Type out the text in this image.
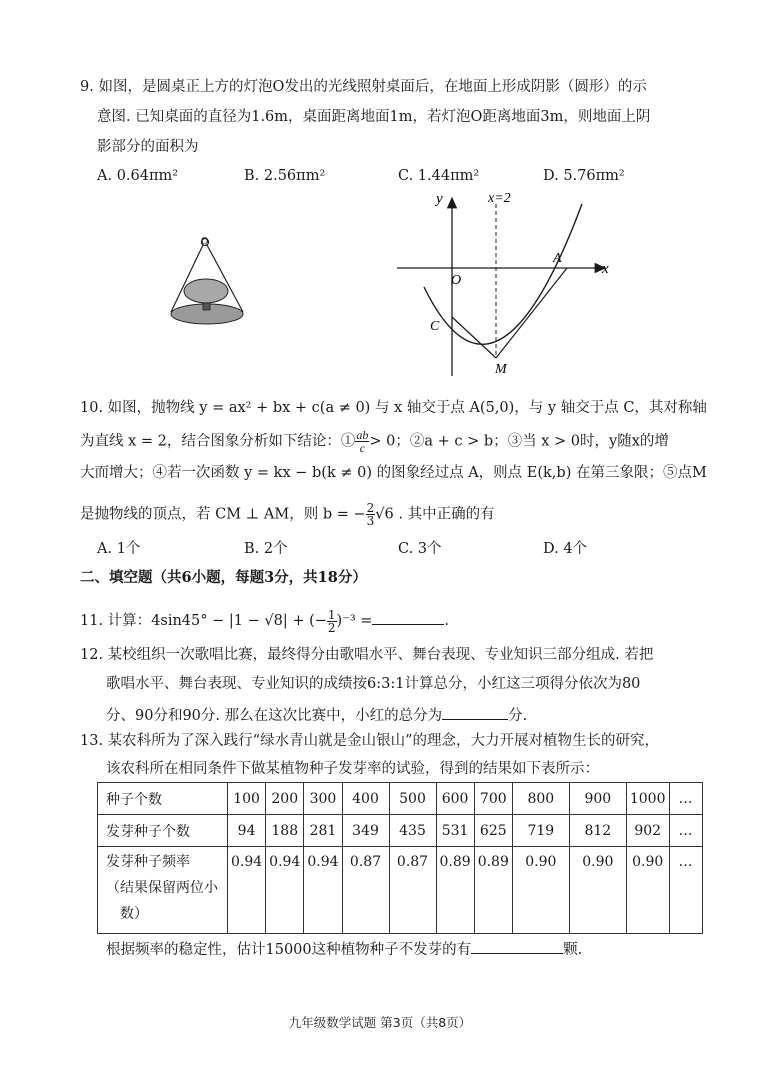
9. 如图，是圆桌正上方的灯泡O发出的光线照射桌面后，在地面上形成阴影（圆形）的示
意图. 已知桌面的直径为1.6m，桌面距离地面1m，若灯泡O距离地面3m，则地面上阴
影部分的面积为
A. 0.64πm²	B. 2.56πm²	C. 1.44πm²	D. 5.76πm²
O
y
x
x=2
O
A
C
M
10. 如图，抛物线 y = ax² + bx + c(a ≠ 0) 与 x 轴交于点 A(5,0)，与 y 轴交于点 C，其对称轴
为直线 x = 2，结合图象分析如下结论：① $\frac{ab}{c} > 0$；②a + c > b；③当 x > 0时，y随x的增
大而增大；④若一次函数 y = kx − b(k ≠ 0) 的图象经过点 A，则点 E(k,b) 在第三象限；⑤点M
是抛物线的顶点，若 CM ⊥ AM，则 b = − $\frac{2}{3} √6$ . 其中正确的有
A. 1个	B. 2个	C. 3个	D. 4个
二、填空题（共6小题，每题3分，共18分）
11. 计算：4sin45° − |1 − √8| + (− $\frac{1}{2} )^{-3}$ =	.
12. 某校组织一次歌唱比赛，最终得分由歌唱水平、舞台表现、专业知识三部分组成. 若把
歌唱水平、舞台表现、专业知识的成绩按6:3:1计算总分，小红这三项得分依次为80
分、90分和90分. 那么在这次比赛中，小红的总分为	分.
13. 某农科所为了深入践行“绿水青山就是金山银山”的理念，大力开展对植物生长的研究，
该农科所在相同条件下做某植物种子发芽率的试验，得到的结果如下表所示：
种子个数	100	200	300	400	500	600	700	800	900	1000	…
发芽种子个数	94	188	281	349	435	531	625	719	812	902	…

发芽种子频率
（结果保留两位小
数）	0.94	0.94	0.94	0.87	0.87	0.89	0.89	0.90	0.90	0.90	…
根据频率的稳定性，估计15000这种植物种子不发芽的有	颗.
九年级数学试题 第3页（共8页）
